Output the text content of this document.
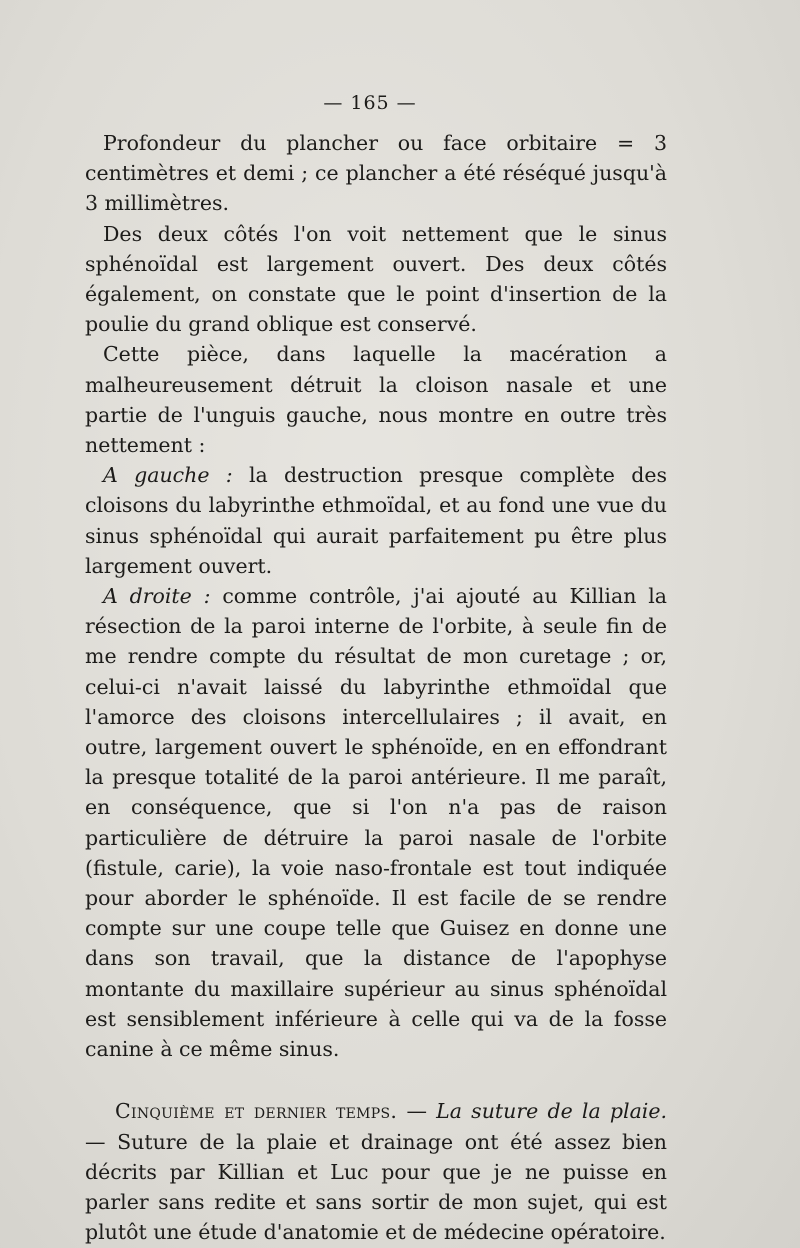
— 165 —

Profondeur du plancher ou face orbitaire = 3 centimètres et demi ; ce plancher a été réséqué jusqu'à 3 millimètres.

Des deux côtés l'on voit nettement que le sinus sphénoïdal est largement ouvert. Des deux côtés également, on constate que le point d'insertion de la poulie du grand oblique est conservé.

Cette pièce, dans laquelle la macération a malheureusement détruit la cloison nasale et une partie de l'unguis gauche, nous montre en outre très nettement :

A gauche : la destruction presque complète des cloisons du labyrinthe ethmoïdal, et au fond une vue du sinus sphénoïdal qui aurait parfaitement pu être plus largement ouvert.

A droite : comme contrôle, j'ai ajouté au Killian la résection de la paroi interne de l'orbite, à seule fin de me rendre compte du résultat de mon curetage ; or, celui-ci n'avait laissé du labyrinthe ethmoïdal que l'amorce des cloisons intercellulaires ; il avait, en outre, largement ouvert le sphénoïde, en en effondrant la presque totalité de la paroi antérieure. Il me paraît, en conséquence, que si l'on n'a pas de raison particulière de détruire la paroi nasale de l'orbite (fistule, carie), la voie naso-frontale est tout indiquée pour aborder le sphénoïde. Il est facile de se rendre compte sur une coupe telle que Guisez en donne une dans son travail, que la distance de l'apophyse montante du maxillaire supérieur au sinus sphénoïdal est sensiblement inférieure à celle qui va de la fosse canine à ce même sinus.

Cinquième et dernier temps. — La suture de la plaie. — Suture de la plaie et drainage ont été assez bien décrits par Killian et Luc pour que je ne puisse en parler sans redite et sans sortir de mon sujet, qui est plutôt une étude d'anatomie et de médecine opératoire.
